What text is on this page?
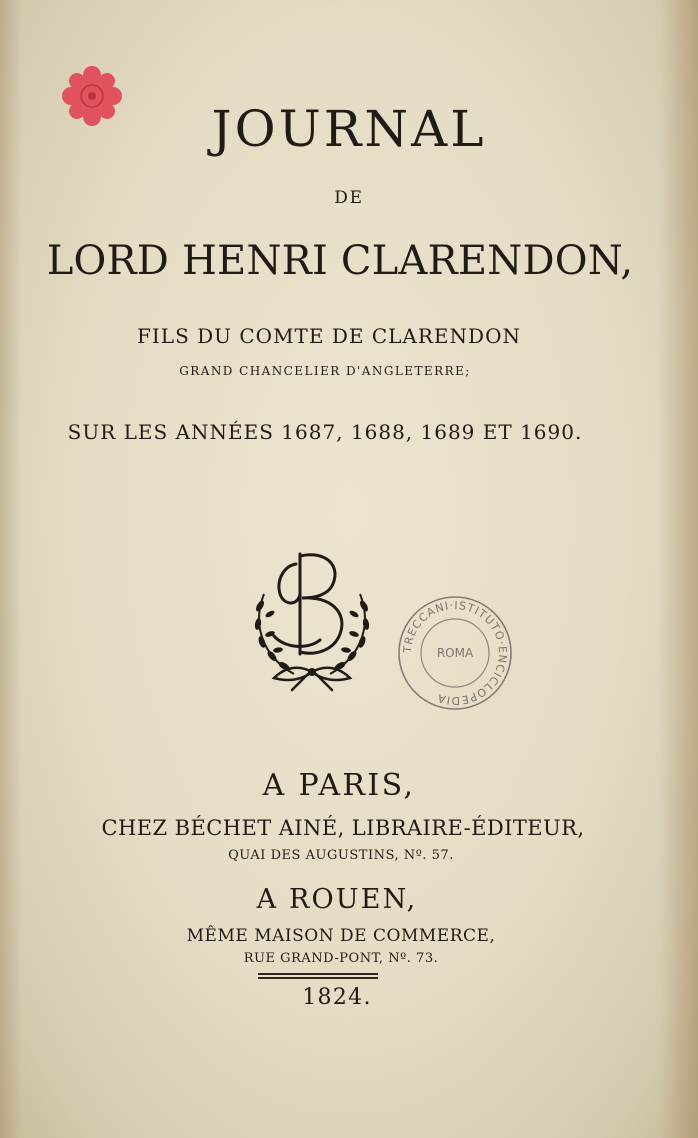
JOURNAL
DE
LORD HENRI CLARENDON,
FILS DU COMTE DE CLARENDON
GRAND CHANCELIER D'ANGLETERRE;
SUR LES ANNÉES 1687, 1688, 1689 ET 1690.
TRECCANI·ISTITUTO·ENCICLOPEDIA
ROMA
A PARIS,
CHEZ BÉCHET AINÉ, LIBRAIRE-ÉDITEUR,
QUAI DES AUGUSTINS, Nº. 57.
A ROUEN,
MÊME MAISON DE COMMERCE,
RUE GRAND-PONT, Nº. 73.
1824.
